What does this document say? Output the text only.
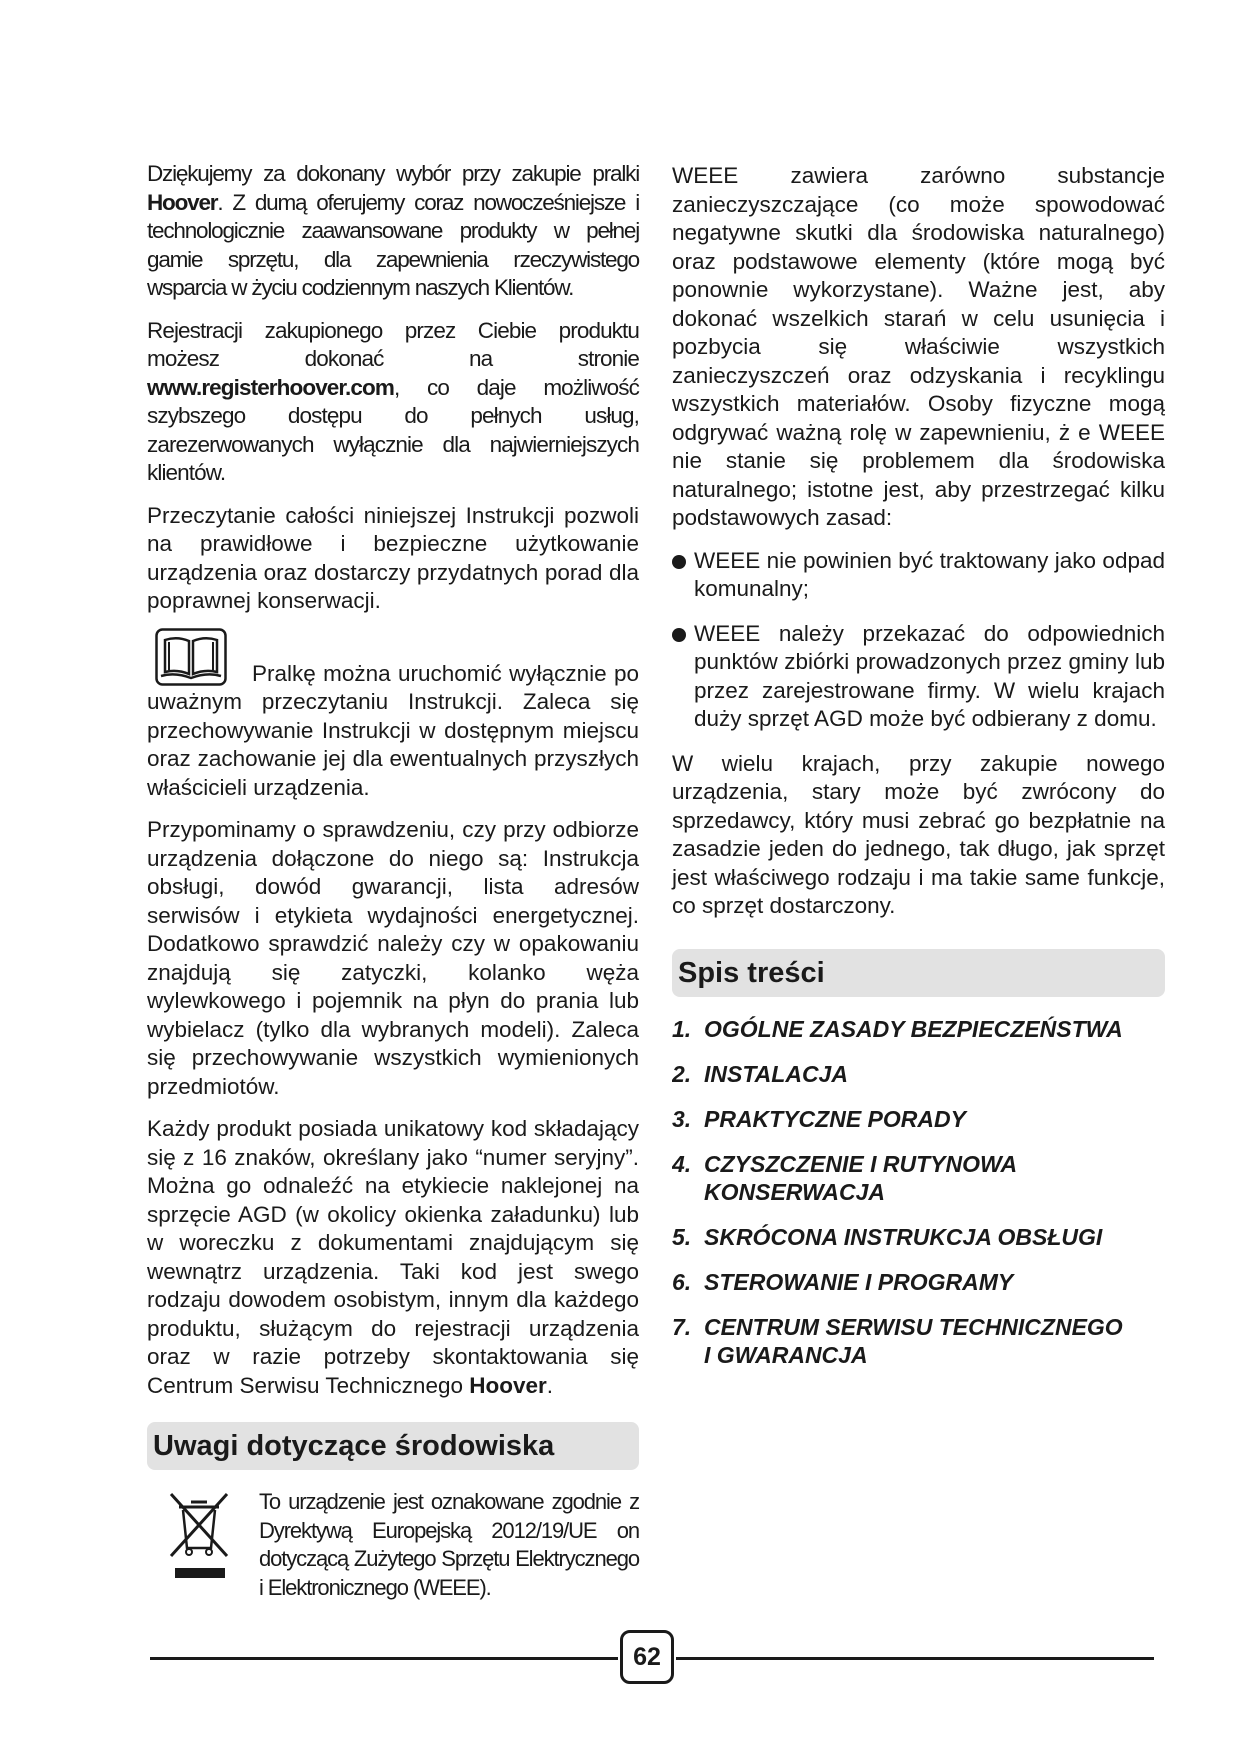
Dziękujemy za dokonany wybór przy zakupie pralki Hoover. Z dumą oferujemy coraz nowocześniejsze i technologicznie zaawansowane produkty w pełnej gamie sprzętu, dla zapewnienia rzeczywistego wsparcia w życiu codziennym naszych Klientów.

Rejestracji zakupionego przez Ciebie produktu możesz dokonać na stronie www.registerhoover.com, co daje możliwość szybszego dostępu do pełnych usług, zarezerwowanych wyłącznie dla najwierniejszych klientów.

Przeczytanie całości niniejszej Instrukcji pozwoli na prawidłowe i bezpieczne użytkowanie urządzenia oraz dostarczy przydatnych porad dla poprawnej konserwacji.

Pralkę można uruchomić wyłącznie po uważnym przeczytaniu Instrukcji. Zaleca się przechowywanie Instrukcji w dostępnym miejscu oraz zachowanie jej dla ewentualnych przyszłych właścicieli urządzenia.

Przypominamy o sprawdzeniu, czy przy odbiorze urządzenia dołączone do niego są: Instrukcja obsługi, dowód gwarancji, lista adresów serwisów i etykieta wydajności energetycznej. Dodatkowo sprawdzić należy czy w opakowaniu znajdują się zatyczki, kolanko węża wylewkowego i pojemnik na płyn do prania lub wybielacz (tylko dla wybranych modeli). Zaleca się przechowywanie wszystkich wymienionych przedmiotów.

Każdy produkt posiada unikatowy kod składający się z 16 znaków, określany jako “numer seryjny”. Można go odnaleźć na etykiecie naklejonej na sprzęcie AGD (w okolicy okienka załadunku) lub w woreczku z dokumentami znajdującym się wewnątrz urządzenia. Taki kod jest swego rodzaju dowodem osobistym, innym dla każdego produktu, służącym do rejestracji urządzenia oraz w razie potrzeby skontaktowania się Centrum Serwisu Technicznego Hoover.

Uwagi dotyczące środowiska

To urządzenie jest oznakowane zgodnie z Dyrektywą Europejską 2012/19/UE on dotyczącą Zużytego Sprzętu Elektrycznego i Elektronicznego (WEEE).

WEEE zawiera zarówno substancje zanieczyszczające (co może spowodować negatywne skutki dla środowiska naturalnego) oraz podstawowe elementy (które mogą być ponownie wykorzystane). Ważne jest, aby dokonać wszelkich starań w celu usunięcia i pozbycia się właściwie wszystkich zanieczyszczeń oraz odzyskania i recyklingu wszystkich materiałów. Osoby fizyczne mogą odgrywać ważną rolę w zapewnieniu, ż e WEEE nie stanie się problemem dla środowiska naturalnego; istotne jest, aby przestrzegać kilku podstawowych zasad:

WEEE nie powinien być traktowany jako odpad komunalny;

WEEE należy przekazać do odpowiednich punktów zbiórki prowadzonych przez gminy lub przez zarejestrowane firmy. W wielu krajach duży sprzęt AGD może być odbierany z domu.

W wielu krajach, przy zakupie nowego urządzenia, stary może być zwrócony do sprzedawcy, który musi zebrać go bezpłatnie na zasadzie jeden do jednego, tak długo, jak sprzęt jest właściwego rodzaju i ma takie same funkcje, co sprzęt dostarczony.

Spis treści
1. OGÓLNE ZASADY BEZPIECZEŃSTWA
2. INSTALACJA
3. PRAKTYCZNE PORADY
4. CZYSZCZENIE I RUTYNOWA
KONSERWACJA
5. SKRÓCONA INSTRUKCJA OBSŁUGI
6. STEROWANIE I PROGRAMY
7. CENTRUM SERWISU TECHNICZNEGO
I GWARANCJA
62
